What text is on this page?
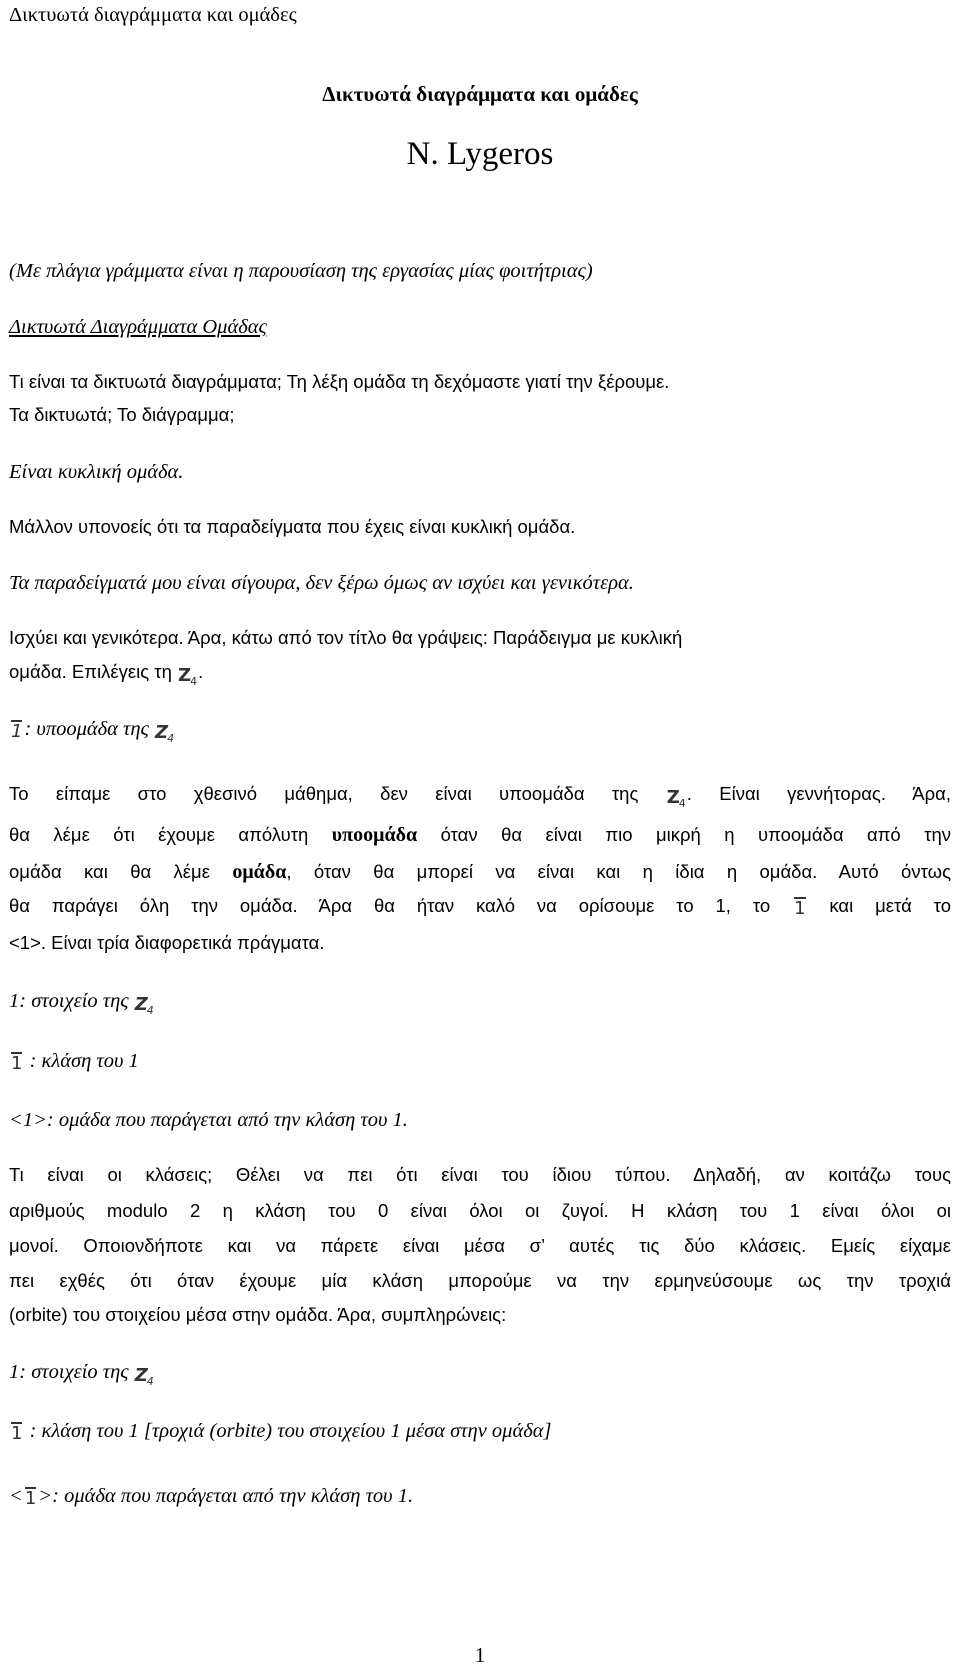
Δικτυωτά διαγράμματα και ομάδες
Δικτυωτά διαγράμματα και ομάδες
N. Lygeros
(Με πλάγια γράμματα είναι η παρουσίαση της εργασίας μίας φοιτήτριας)
Δικτυωτά Διαγράμματα Ομάδας
Τι είναι τα δικτυωτά διαγράμματα; Τη λέξη ομάδα τη δεχόμαστε γιατί την ξέρουμε.
Τα δικτυωτά; Το διάγραμμα;
Είναι κυκλική ομάδα.
Μάλλον υπονοείς ότι τα παραδείγματα που έχεις είναι κυκλική ομάδα.
Τα παραδείγματά μου είναι σίγουρα, δεν ξέρω όμως αν ισχύει και γενικότερα.
Ισχύει και γενικότερα. Άρα, κάτω από τον τίτλο θα γράψεις: Παράδειγμα με κυκλική
ομάδα. Επιλέγεις τη $Z_4$.
1: υποομάδα της Z4
Το είπαμε στο χθεσινό μάθημα, δεν είναι υποομάδα της $Z_4$. Είναι γεννήτορας. Άρα,
θα λέμε ότι έχουμε απόλυτη υποομάδα όταν θα είναι πιο μικρή η υποομάδα από την
ομάδα και θα λέμε ομάδα, όταν θα μπορεί να είναι και η ίδια η ομάδα. Αυτό όντως
θα παράγει όλη την ομάδα. Άρα θα ήταν καλό να ορίσουμε το 1, το 1 και μετά το
<1>. Είναι τρία διαφορετικά πράγματα.
1: στοιχείο της Z4
1 : κλάση του 1
<1>: ομάδα που παράγεται από την κλάση του 1.
Τι είναι οι κλάσεις; Θέλει να πει ότι είναι του ίδιου τύπου. Δηλαδή, αν κοιτάζω τους
αριθμούς modulo 2 η κλάση του 0 είναι όλοι οι ζυγοί. Η κλάση του 1 είναι όλοι οι
μονοί. Οποιονδήποτε και να πάρετε είναι μέσα σ’ αυτές τις δύο κλάσεις. Εμείς είχαμε
πει εχθές ότι όταν έχουμε μία κλάση μπορούμε να την ερμηνεύσουμε ως την τροχιά
(orbite) του στοιχείου μέσα στην ομάδα. Άρα, συμπληρώνεις:
1: στοιχείο της Z4
1 : κλάση του 1 [τροχιά (orbite) του στοιχείου 1 μέσα στην ομάδα]
< 1>: ομάδα που παράγεται από την κλάση του 1.
1
